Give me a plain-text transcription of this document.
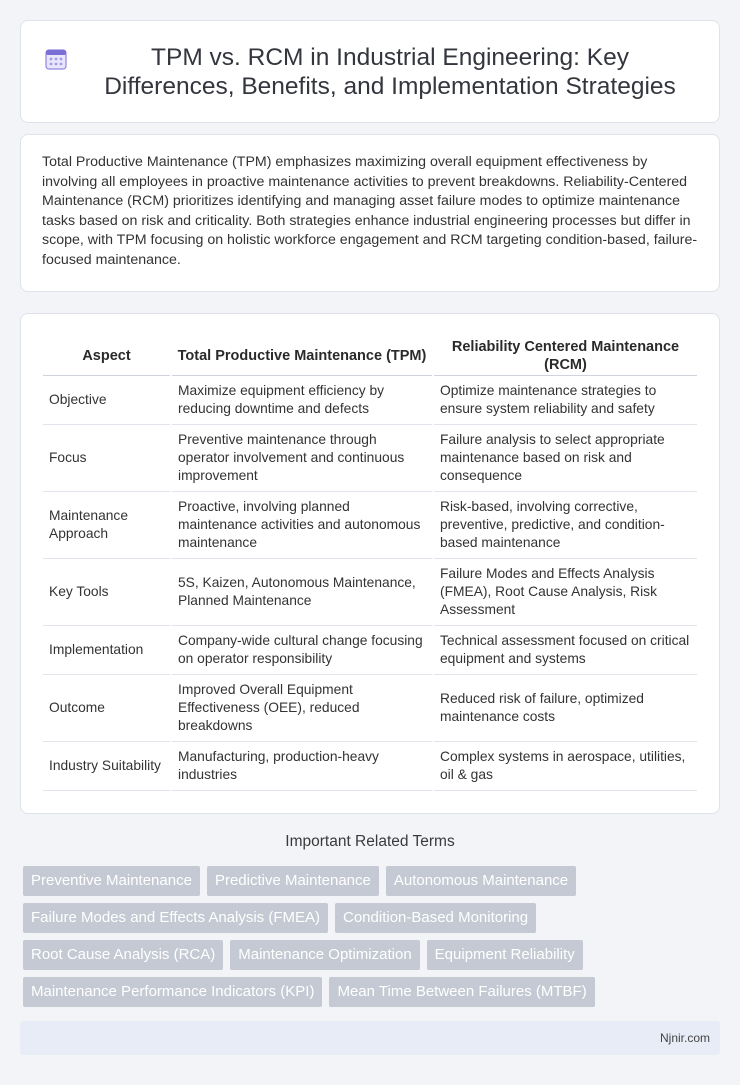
TPM vs. RCM in Industrial Engineering: Key Differences, Benefits, and Implementation Strategies

Total Productive Maintenance (TPM) emphasizes maximizing overall equipment effectiveness by involving all employees in proactive maintenance activities to prevent breakdowns. Reliability-Centered Maintenance (RCM) prioritizes identifying and managing asset failure modes to optimize maintenance tasks based on risk and criticality. Both strategies enhance industrial engineering processes but differ in scope, with TPM focusing on holistic workforce engagement and RCM targeting condition-based, failure-focused maintenance.

Aspect	Total Productive Maintenance (TPM)	Reliability Centered Maintenance (RCM)
Objective	Maximize equipment efficiency by reducing downtime and defects	Optimize maintenance strategies to ensure system reliability and safety
Focus	Preventive maintenance through operator involvement and continuous improvement	Failure analysis to select appropriate maintenance based on risk and consequence
Maintenance Approach	Proactive, involving planned maintenance activities and autonomous maintenance	Risk-based, involving corrective, preventive, predictive, and condition-based maintenance
Key Tools	5S, Kaizen, Autonomous Maintenance, Planned Maintenance	Failure Modes and Effects Analysis (FMEA), Root Cause Analysis, Risk Assessment
Implementation	Company-wide cultural change focusing on operator responsibility	Technical assessment focused on critical equipment and systems
Outcome	Improved Overall Equipment Effectiveness (OEE), reduced breakdowns	Reduced risk of failure, optimized maintenance costs
Industry Suitability	Manufacturing, production-heavy industries	Complex systems in aerospace, utilities, oil & gas
Important Related Terms
Preventive Maintenance	Predictive Maintenance	Autonomous Maintenance
Failure Modes and Effects Analysis (FMEA)	Condition-Based Monitoring
Root Cause Analysis (RCA)	Maintenance Optimization	Equipment Reliability
Maintenance Performance Indicators (KPI)	Mean Time Between Failures (MTBF)
Njnir.com
